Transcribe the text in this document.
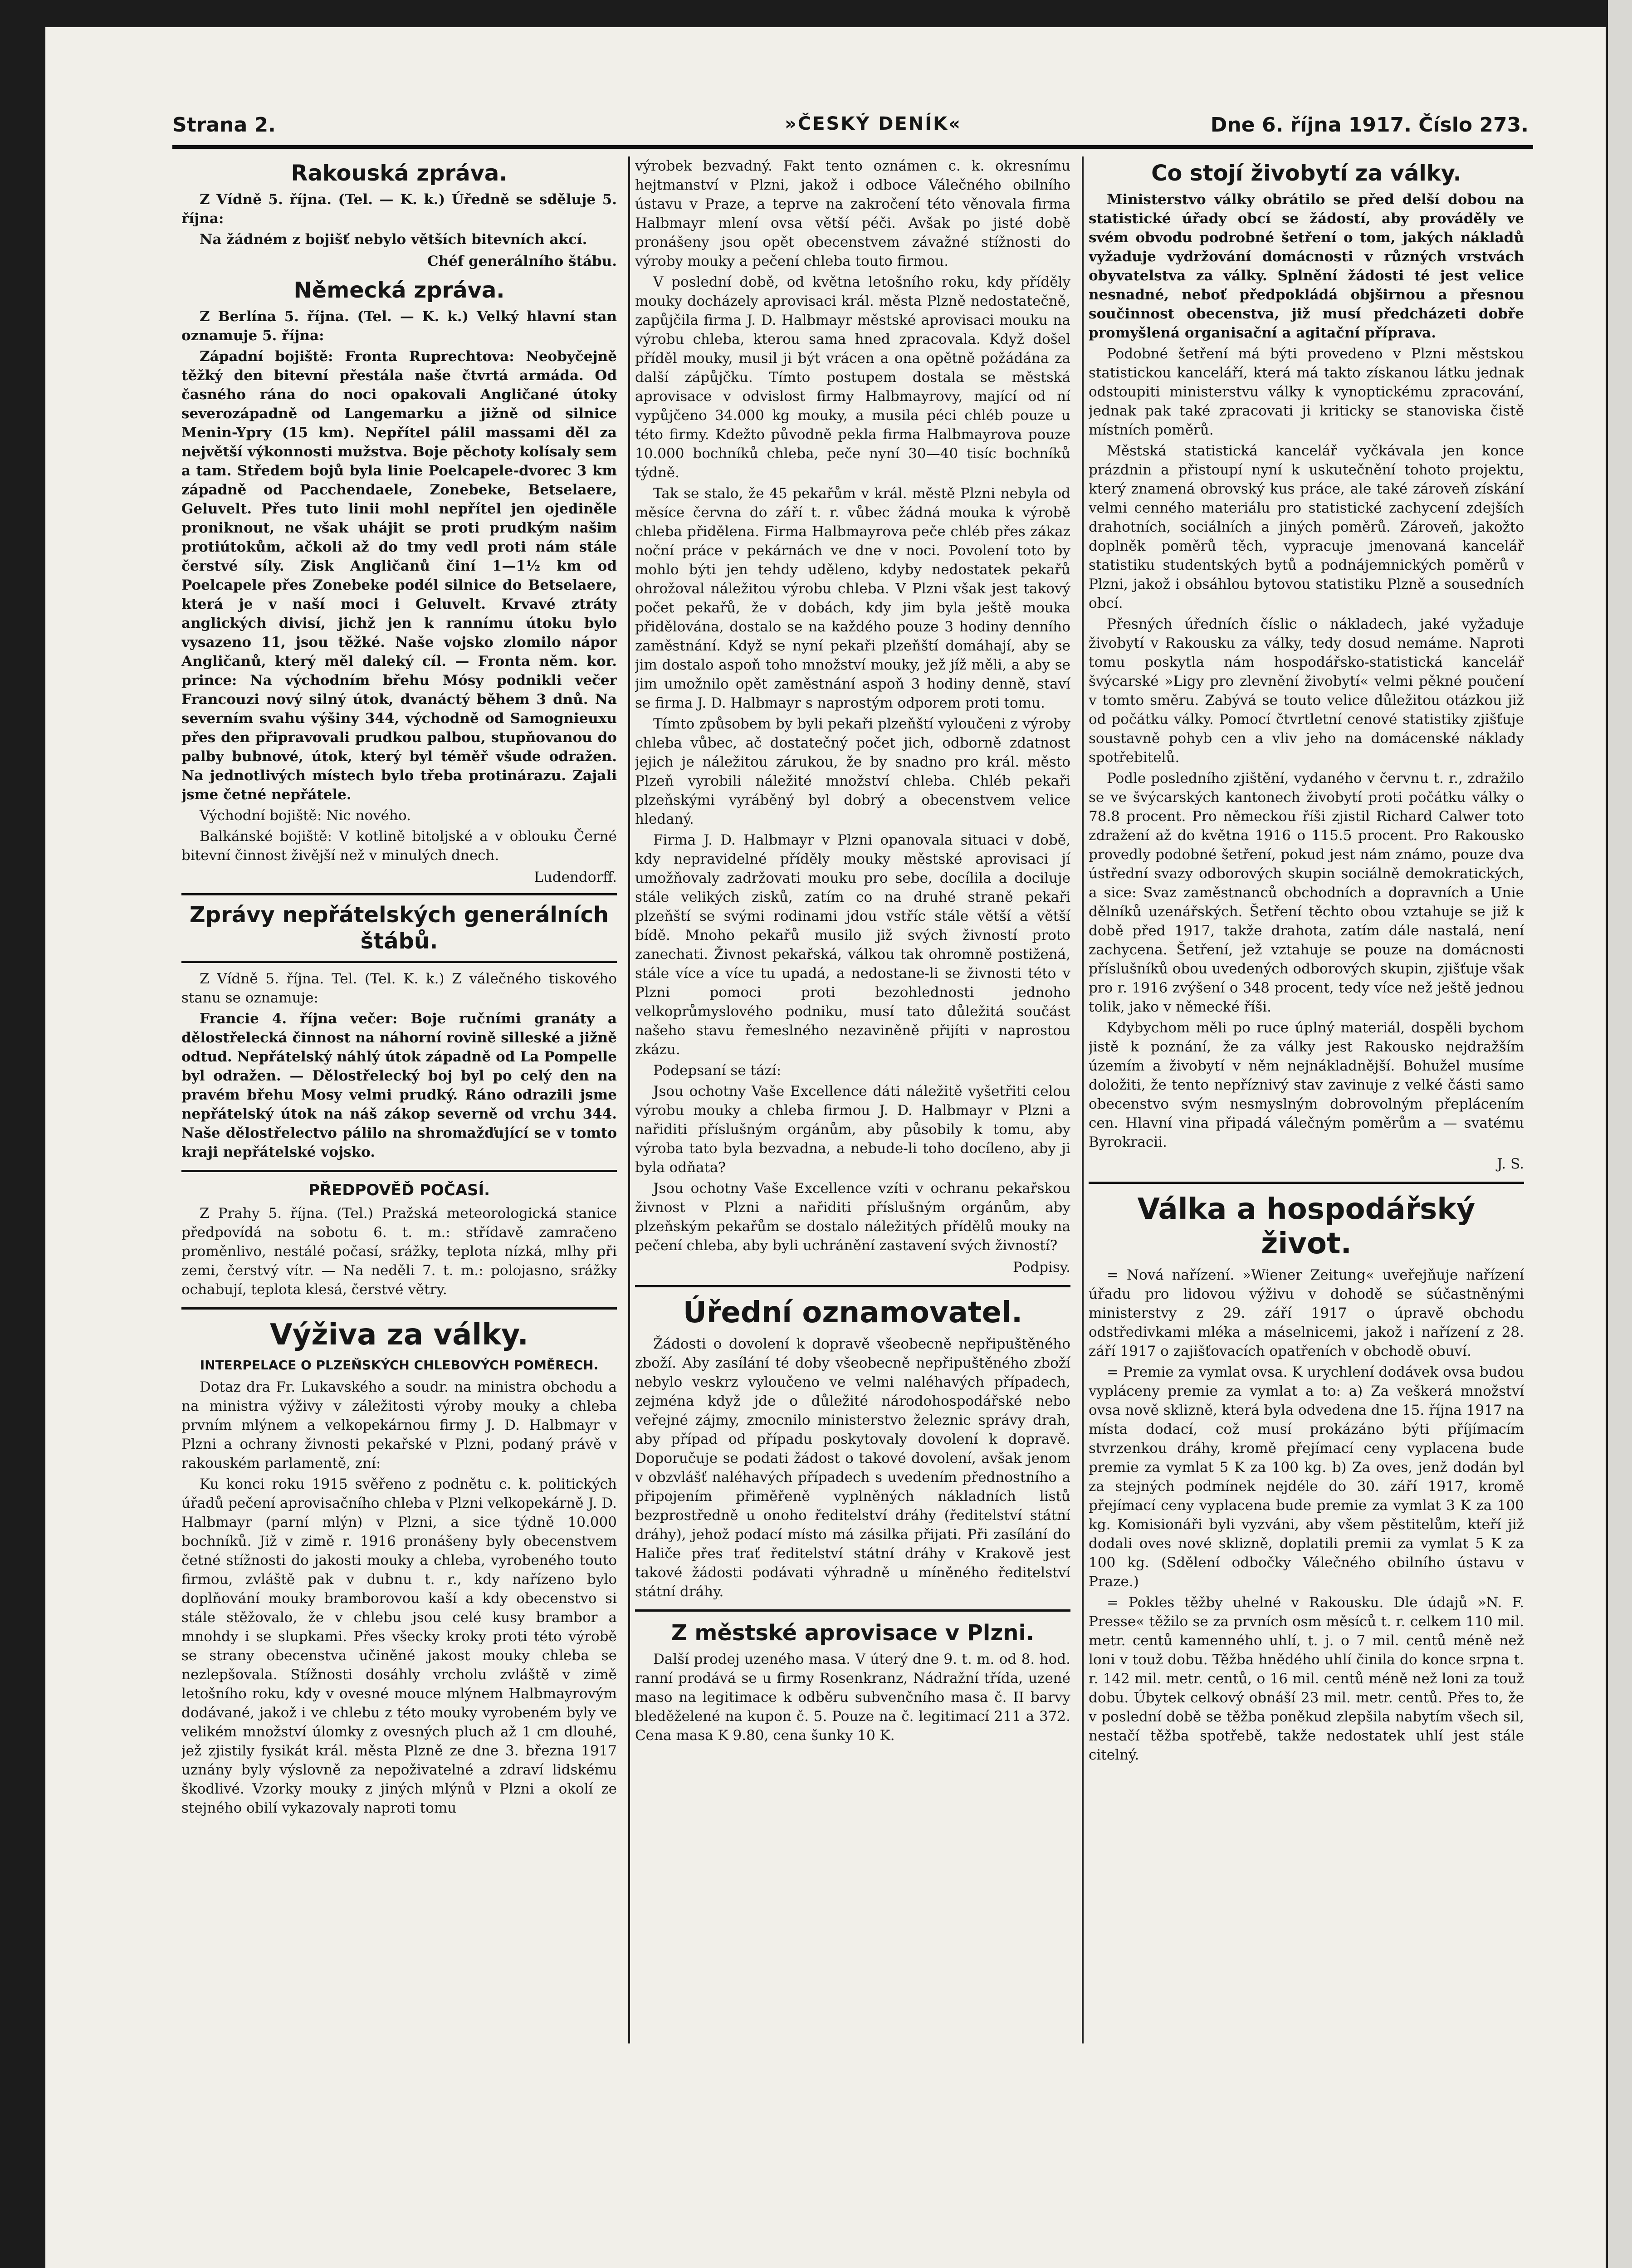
Strana 2.	»ČESKÝ DENÍK«	Dne 6. října 1917. Číslo 273.
Rakouská zpráva.

Z Vídně 5. října. (Tel. — K. k.) Úředně se sděluje 5. října:

Na žádném z bojišť nebylo větších bitevních akcí.

Chéf generálního štábu.

Německá zpráva.

Z Berlína 5. října. (Tel. — K. k.) Velký hlavní stan oznamuje 5. října:

Západní bojiště: Fronta Ruprechtova: Neobyčejně těžký den bitevní přestála naše čtvrtá armáda. Od časného rána do noci opakovali Angličané útoky severozápadně od Langemarku a jižně od silnice Menin-Ypry (15 km). Nepřítel pálil massami děl za největší výkonnosti mužstva. Boje pěchoty kolísaly sem a tam. Středem bojů byla linie Poelcapele-dvorec 3 km západně od Pacchendaele, Zonebeke, Betselaere, Geluvelt. Přes tuto linii mohl nepřítel jen ojediněle proniknout, ne však uhájit se proti prudkým našim protiútokům, ačkoli až do tmy vedl proti nám stále čerstvé síly. Zisk Angličanů činí 1—1½ km od Poelcapele přes Zonebeke podél silnice do Betselaere, která je v naší moci i Geluvelt. Krvavé ztráty anglických divisí, jichž jen k rannímu útoku bylo vysazeno 11, jsou těžké. Naše vojsko zlomilo nápor Angličanů, který měl daleký cíl. — Fronta něm. kor. prince: Na východním břehu Mósy podnikli večer Francouzi nový silný útok, dvanáctý během 3 dnů. Na severním svahu výšiny 344, východně od Samognieuxu přes den připravovali prudkou palbou, stupňovanou do palby bubnové, útok, který byl téměř všude odražen. Na jednotlivých místech bylo třeba protinárazu. Zajali jsme četné nepřátele.

Východní bojiště: Nic nového.

Balkánské bojiště: V kotlině bitoljské a v oblouku Černé bitevní činnost živější než v minulých dnech.

Ludendorff.

Zprávy nepřátelských generálních štábů.

Z Vídně 5. října. Tel. (Tel. K. k.) Z válečného tiskového stanu se oznamuje:

Francie 4. října večer: Boje ručními granáty a dělostřelecká činnost na náhorní rovině silleské a jižně odtud. Nepřátelský náhlý útok západně od La Pompelle byl odražen. — Dělostřelecký boj byl po celý den na pravém břehu Mosy velmi prudký. Ráno odrazili jsme nepřátelský útok na náš zákop severně od vrchu 344. Naše dělostřelectvo pálilo na shromažďující se v tomto kraji nepřátelské vojsko.

PŘEDPOVĚĎ POČASÍ.

Z Prahy 5. října. (Tel.) Pražská meteorologická stanice předpovídá na sobotu 6. t. m.: střídavě zamračeno proměnlivo, nestálé počasí, srážky, teplota nízká, mlhy při zemi, čerstvý vítr. — Na neděli 7. t. m.: polojasno, srážky ochabují, teplota klesá, čerstvé větry.

Výživa za války.
INTERPELACE O PLZEŇSKÝCH CHLEBOVÝCH POMĚRECH.

Dotaz dra Fr. Lukavského a soudr. na ministra obchodu a na ministra výživy v záležitosti výroby mouky a chleba prvním mlýnem a velkopekárnou firmy J. D. Halbmayr v Plzni a ochrany živnosti pekařské v Plzni, podaný právě v rakouském parlamentě, zní:

Ku konci roku 1915 svěřeno z podnětu c. k. politických úřadů pečení aprovisačního chleba v Plzni velkopekárně J. D. Halbmayr (parní mlýn) v Plzni, a sice týdně 10.000 bochníků. Již v zimě r. 1916 pronášeny byly obecenstvem četné stížnosti do jakosti mouky a chleba, vyrobeného touto firmou, zvláště pak v dubnu t. r., kdy nařízeno bylo doplňování mouky bramborovou kaší a kdy obecenstvo si stále stěžovalo, že v chlebu jsou celé kusy brambor a mnohdy i se slupkami. Přes všecky kroky proti této výrobě se strany obecenstva učiněné jakost mouky chleba se nezlepšovala. Stížnosti dosáhly vrcholu zvláště v zimě letošního roku, kdy v ovesné mouce mlýnem Halbmayrovým dodávané, jakož i ve chlebu z této mouky vyrobeném byly ve velikém množství úlomky z ovesných pluch až 1 cm dlouhé, jež zjistily fysikát král. města Plzně ze dne 3. března 1917 uznány byly výslovně za nepoživatelné a zdraví lidskému škodlivé. Vzorky mouky z jiných mlýnů v Plzni a okolí ze stejného obilí vykazovaly naproti tomu

výrobek bezvadný. Fakt tento oznámen c. k. okresnímu hejtmanství v Plzni, jakož i odboce Válečného obilního ústavu v Praze, a teprve na zakročení této věnovala firma Halbmayr mlení ovsa větší péči. Avšak po jisté době pronášeny jsou opět obecenstvem závažné stížnosti do výroby mouky a pečení chleba touto firmou.

V poslední době, od května letošního roku, kdy příděly mouky docházely aprovisaci král. města Plzně nedostatečně, zapůjčila firma J. D. Halbmayr městské aprovisaci mouku na výrobu chleba, kterou sama hned zpracovala. Když došel příděl mouky, musil ji být vrácen a ona opětně požádána za další zápůjčku. Tímto postupem dostala se městská aprovisace v odvislost firmy Halbmayrovy, mající od ní vypůjčeno 34.000 kg mouky, a musila péci chléb pouze u této firmy. Kdežto původně pekla firma Halbmayrova pouze 10.000 bochníků chleba, peče nyní 30—40 tisíc bochníků týdně.

Tak se stalo, že 45 pekařům v král. městě Plzni nebyla od měsíce června do září t. r. vůbec žádná mouka k výrobě chleba přidělena. Firma Halbmayrova peče chléb přes zákaz noční práce v pekárnách ve dne v noci. Povolení toto by mohlo býti jen tehdy uděleno, kdyby nedostatek pekařů ohrožoval náležitou výrobu chleba. V Plzni však jest takový počet pekařů, že v dobách, kdy jim byla ještě mouka přidělována, dostalo se na každého pouze 3 hodiny denního zaměstnání. Když se nyní pekaři plzeňští domáhají, aby se jim dostalo aspoň toho množství mouky, jež jíž měli, a aby se jim umožnilo opět zaměstnání aspoň 3 hodiny denně, staví se firma J. D. Halbmayr s naprostým odporem proti tomu.

Tímto způsobem by byli pekaři plzeňští vyloučeni z výroby chleba vůbec, ač dostatečný počet jich, odborně zdatnost jejich je náležitou zárukou, že by snadno pro král. město Plzeň vyrobili náležité množství chleba. Chléb pekaři plzeňskými vyráběný byl dobrý a obecenstvem velice hledaný.

Firma J. D. Halbmayr v Plzni opanovala situaci v době, kdy nepravidelné příděly mouky městské aprovisaci jí umožňovaly zadržovati mouku pro sebe, docílila a dociluje stále velikých zisků, zatím co na druhé straně pekaři plzeňští se svými rodinami jdou vstříc stále větší a větší bídě. Mnoho pekařů musilo již svých živností proto zanechati. Živnost pekařská, válkou tak ohromně postižená, stále více a více tu upadá, a nedostane-li se živnosti této v Plzni pomoci proti bezohlednosti jednoho velkoprůmyslového podniku, musí tato důležitá součást našeho stavu řemeslného nezaviněně přijíti v naprostou zkázu.

Podepsaní se tází:

Jsou ochotny Vaše Excellence dáti náležitě vyšetřiti celou výrobu mouky a chleba firmou J. D. Halbmayr v Plzni a nařiditi příslušným orgánům, aby působily k tomu, aby výroba tato byla bezvadna, a nebude-li toho docíleno, aby ji byla odňata?

Jsou ochotny Vaše Excellence vzíti v ochranu pekařskou živnost v Plzni a nařiditi příslušným orgánům, aby plzeňským pekařům se dostalo náležitých přídělů mouky na pečení chleba, aby byli uchránění zastavení svých živností?

Podpisy.

Úřední oznamovatel.

Žádosti o dovolení k dopravě všeobecně nepřipuštěného zboží. Aby zasílání té doby všeobecně nepřipuštěného zboží nebylo veskrz vyloučeno ve velmi naléhavých případech, zejména když jde o důležité národohospodářské nebo veřejné zájmy, zmocnilo ministerstvo železnic správy drah, aby případ od případu poskytovaly dovolení k dopravě. Doporučuje se podati žádost o takové dovolení, avšak jenom v obzvlášť naléhavých případech s uvedením přednostního a připojením přiměřeně vyplněných nákladních listů bezprostředně u onoho ředitelství dráhy (ředitelství státní dráhy), jehož podací místo má zásilka přijati. Při zasílání do Haliče přes trať ředitelství státní dráhy v Krakově jest takové žádosti podávati výhradně u míněného ředitelství státní dráhy.

Z městské aprovisace v Plzni.

Další prodej uzeného masa. V úterý dne 9. t. m. od 8. hod. ranní prodává se u firmy Rosenkranz, Nádražní třída, uzené maso na legitimace k odběru subvenčního masa č. II barvy bleděželené na kupon č. 5. Pouze na č. legitimací 211 a 372. Cena masa K 9.80, cena šunky 10 K.

Co stojí živobytí za války.

Ministerstvo války obrátilo se před delší dobou na statistické úřady obcí se žádostí, aby prováděly ve svém obvodu podrobné šetření o tom, jakých nákladů vyžaduje vydržování domácnosti v různých vrstvách obyvatelstva za války. Splnění žádosti té jest velice nesnadné, neboť předpokládá objširnou a přesnou součinnost obecenstva, již musí předcházeti dobře promyšlená organisační a agitační příprava.

Podobné šetření má býti provedeno v Plzni městskou statistickou kanceláří, která má takto získanou látku jednak odstoupiti ministerstvu války k vynoptickému zpracování, jednak pak také zpracovati ji kriticky se stanoviska čistě místních poměrů.

Městská statistická kancelář vyčkávala jen konce prázdnin a přistoupí nyní k uskutečnění tohoto projektu, který znamená obrovský kus práce, ale také zároveň získání velmi cenného materiálu pro statistické zachycení zdejších drahotních, sociálních a jiných poměrů. Zároveň, jakožto doplněk poměrů těch, vypracuje jmenovaná kancelář statistiku studentských bytů a podnájemnických poměrů v Plzni, jakož i obsáhlou bytovou statistiku Plzně a sousedních obcí.

Přesných úředních číslic o nákladech, jaké vyžaduje živobytí v Rakousku za války, tedy dosud nemáme. Naproti tomu poskytla nám hospodářsko-statistická kancelář švýcarské »Ligy pro zlevnění živobytí« velmi pěkné poučení v tomto směru. Zabývá se touto velice důležitou otázkou již od počátku války. Pomocí čtvrtletní cenové statistiky zjišťuje soustavně pohyb cen a vliv jeho na domácenské náklady spotřebitelů.

Podle posledního zjištění, vydaného v červnu t. r., zdražilo se ve švýcarských kantonech živobytí proti počátku války o 78.8 procent. Pro německou říši zjistil Richard Calwer toto zdražení až do května 1916 o 115.5 procent. Pro Rakousko provedly podobné šetření, pokud jest nám známo, pouze dva ústřední svazy odborových skupin sociálně demokratických, a sice: Svaz zaměstnanců obchodních a dopravních a Unie dělníků uzenářských. Šetření těchto obou vztahuje se již k době před 1917, takže drahota, zatím dále nastalá, není zachycena. Šetření, jež vztahuje se pouze na domácnosti příslušníků obou uvedených odborových skupin, zjišťuje však pro r. 1916 zvýšení o 348 procent, tedy více než ještě jednou tolik, jako v německé říši.

Kdybychom měli po ruce úplný materiál, dospěli bychom jistě k poznání, že za války jest Rakousko nejdražším územím a živobytí v něm nejnákladnější. Bohužel musíme doložiti, že tento nepříznivý stav zavinuje z velké části samo obecenstvo svým nesmyslným dobrovolným přeplácením cen. Hlavní vina připadá válečným poměrům a — svatému Byrokracii.

J. S.

Válka a hospodářský život.

= Nová nařízení. »Wiener Zeitung« uveřejňuje nařízení úřadu pro lidovou výživu v dohodě se súčastněnými ministerstvy z 29. září 1917 o úpravě obchodu odstředivkami mléka a máselnicemi, jakož i nařízení z 28. září 1917 o zajišťovacích opatřeních v obchodě obuví.

= Premie za vymlat ovsa. K urychlení dodávek ovsa budou vypláceny premie za vymlat a to: a) Za veškerá množství ovsa nově sklizně, která byla odvedena dne 15. října 1917 na místa dodací, což musí prokázáno býti příjímacím stvrzenkou dráhy, kromě přejímací ceny vyplacena bude premie za vymlat 5 K za 100 kg. b) Za oves, jenž dodán byl za stejných podmínek nejdéle do 30. září 1917, kromě přejímací ceny vyplacena bude premie za vymlat 3 K za 100 kg. Komisionáři byli vyzváni, aby všem pěstitelům, kteří již dodali oves nové sklizně, doplatili premii za vymlat 5 K za 100 kg. (Sdělení odbočky Válečného obilního ústavu v Praze.)

= Pokles těžby uhelné v Rakousku. Dle údajů »N. F. Presse« těžilo se za prvních osm měsíců t. r. celkem 110 mil. metr. centů kamenného uhlí, t. j. o 7 mil. centů méně než loni v touž dobu. Těžba hnědého uhlí činila do konce srpna t. r. 142 mil. metr. centů, o 16 mil. centů méně než loni za touž dobu. Úbytek celkový obnáší 23 mil. metr. centů. Přes to, že v poslední době se těžba poněkud zlepšila nabytím všech sil, nestačí těžba spotřebě, takže nedostatek uhlí jest stále citelný.
